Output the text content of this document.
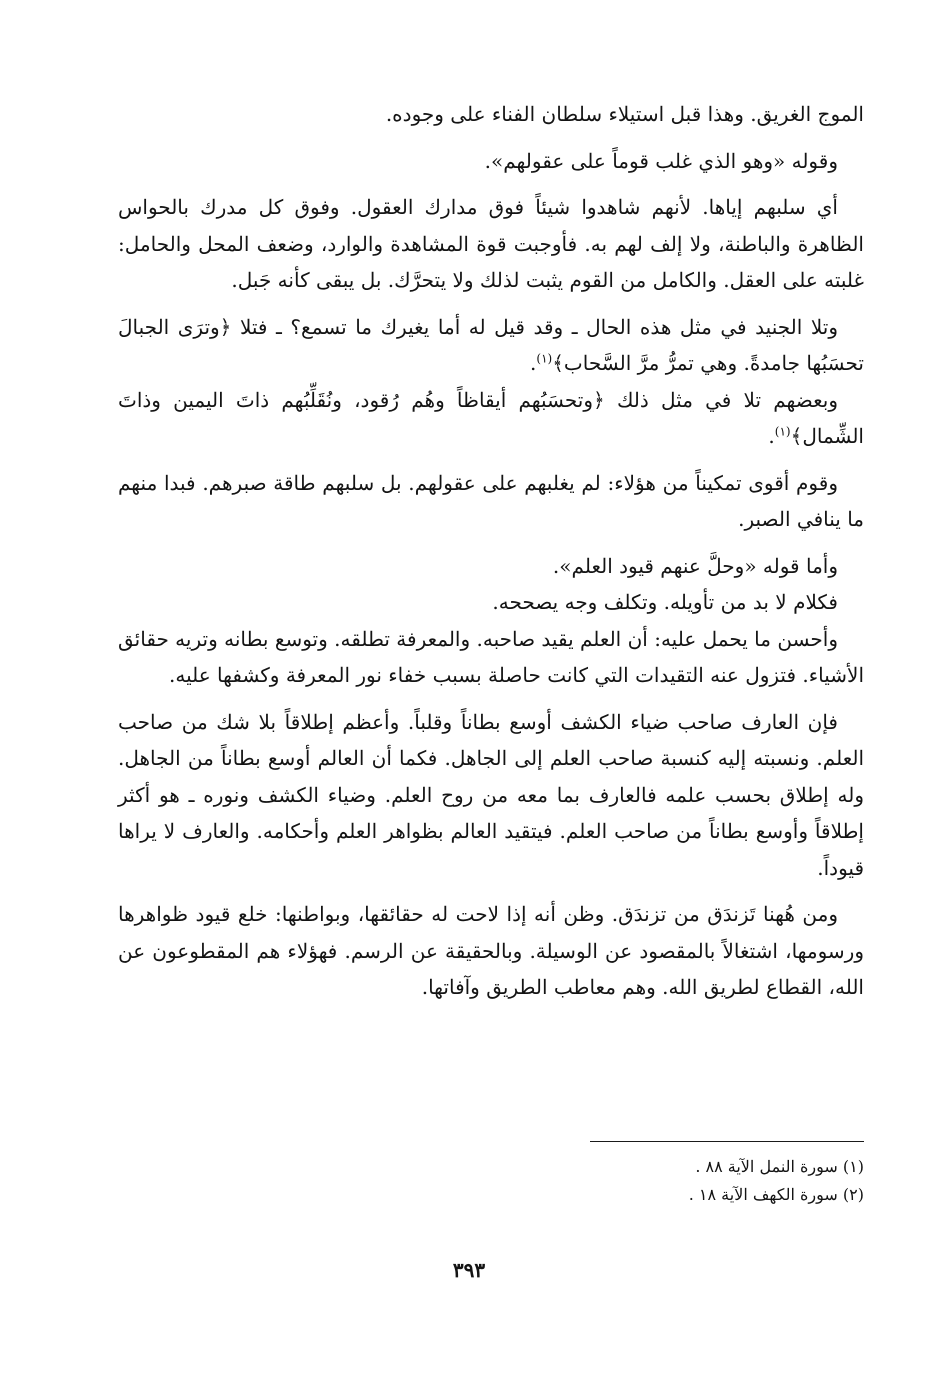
الموج الغريق. وهذا قبل استيلاء سلطان الفناء على وجوده.

وقوله «وهو الذي غلب قوماً على عقولهم».

أي سلبهم إياها. لأنهم شاهدوا شيئاً فوق مدارك العقول. وفوق كل مدرك بالحواس الظاهرة والباطنة، ولا إلف لهم به. فأوجبت قوة المشاهدة والوارد، وضعف المحل والحامل: غلبته على العقل. والكامل من القوم يثبت لذلك ولا يتحرَّك. بل يبقى كأنه جَبل.

وتلا الجنيد في مثل هذه الحال ـ وقد قيل له أما يغيرك ما تسمع؟ ـ فتلا ﴿وترَى الجبالَ تحسَبُها جامدةً. وهي تمرُّ مرَّ السَّحاب﴾$^{(١)}$.

وبعضهم تلا في مثل ذلك ﴿وتحسَبُهم أيقاظاً وهُم رُقود، ونُقَلِّبُهم ذاتَ اليمين وذاتَ الشِّمال﴾$^{(١)}$.

وقوم أقوى تمكيناً من هؤلاء: لم يغلبهم على عقولهم. بل سلبهم طاقة صبرهم. فبدا منهم ما ينافي الصبر.

وأما قوله «وحلَّ عنهم قيود العلم».

فكلام لا بد من تأويله. وتكلف وجه يصححه.

وأحسن ما يحمل عليه: أن العلم يقيد صاحبه. والمعرفة تطلقه. وتوسع بطانه وتريه حقائق الأشياء. فتزول عنه التقيدات التي كانت حاصلة بسبب خفاء نور المعرفة وكشفها عليه.

فإن العارف صاحب ضياء الكشف أوسع بطاناً وقلباً. وأعظم إطلاقاً بلا شك من صاحب العلم. ونسبته إليه كنسبة صاحب العلم إلى الجاهل. فكما أن العالم أوسع بطاناً من الجاهل. وله إطلاق بحسب علمه فالعارف بما معه من روح العلم. وضياء الكشف ونوره ـ هو أكثر إطلاقاً وأوسع بطاناً من صاحب العلم. فيتقيد العالم بظواهر العلم وأحكامه. والعارف لا يراها قيوداً.

ومن هُهنا تَزندَق من تزندَق. وظن أنه إذا لاحت له حقائقها، وبواطنها: خلع قيود ظواهرها ورسومها، اشتغالاً بالمقصود عن الوسيلة. وبالحقيقة عن الرسم. فهؤلاء هم المقطوعون عن الله، القطاع لطريق الله. وهم معاطب الطريق وآفاتها.

(١) سورة النمل الآية ٨٨ .
(٢) سورة الكهف الآية ١٨ .
٣٩٣
